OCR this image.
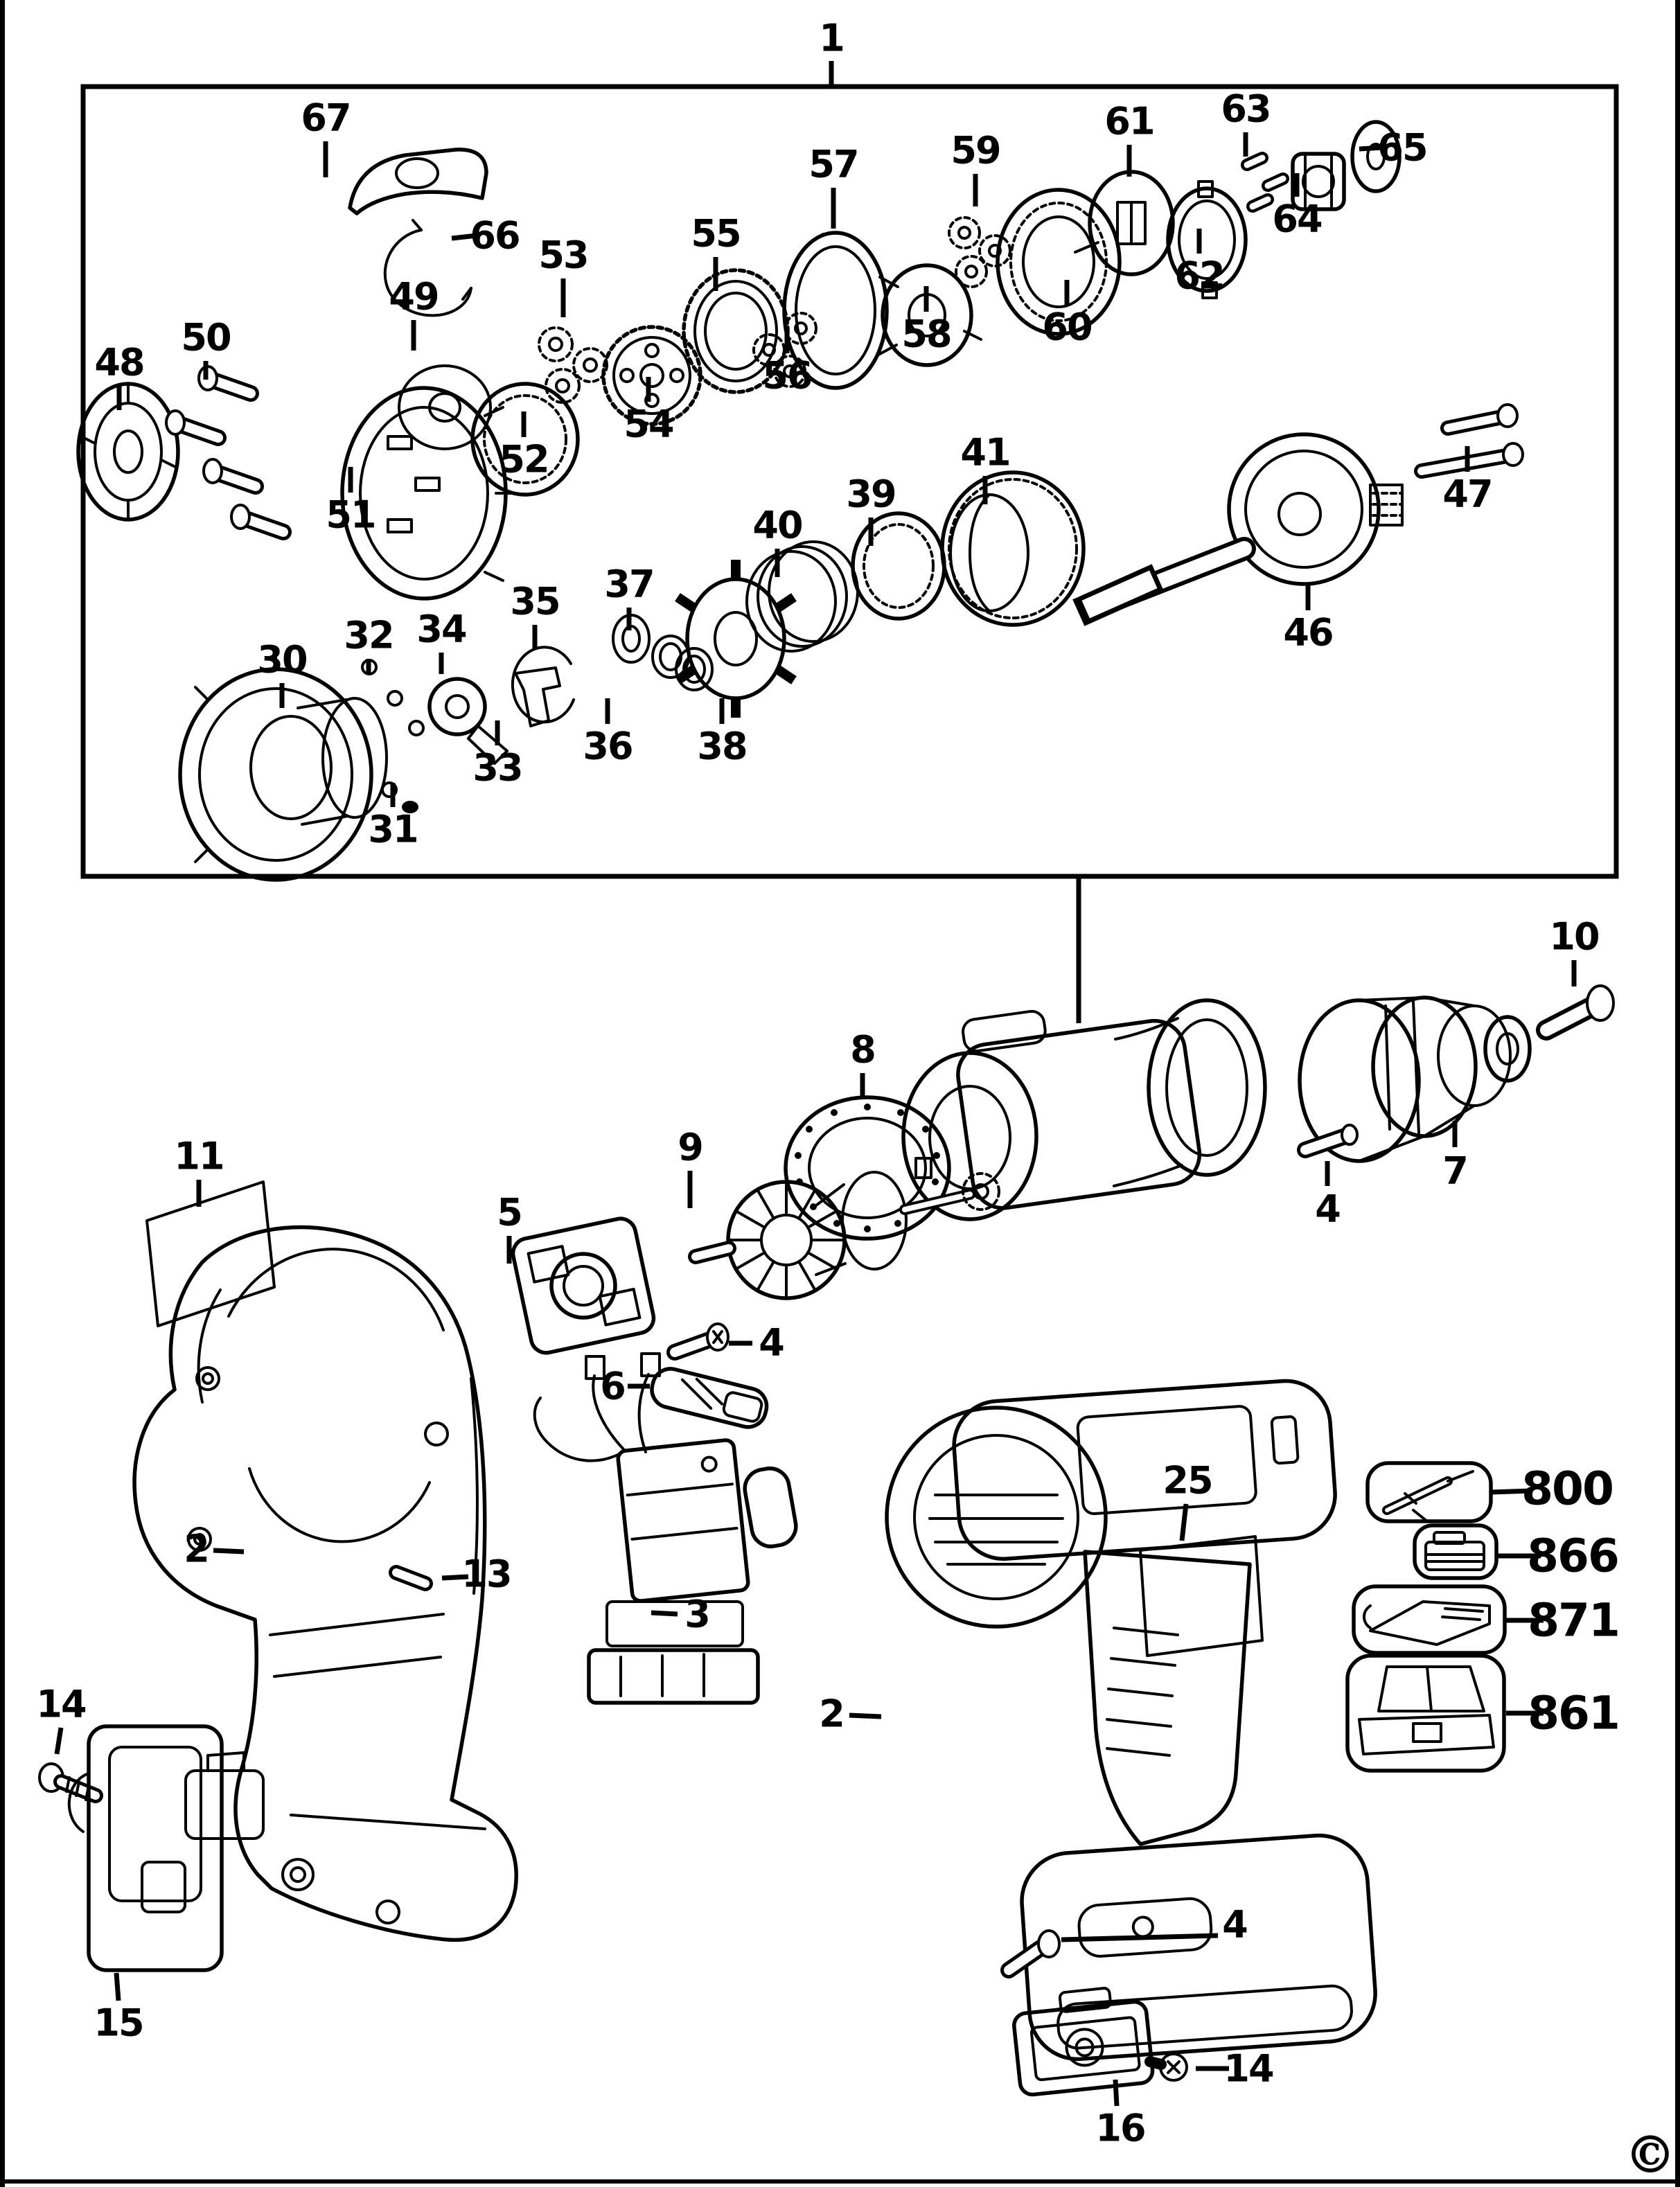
©
1
67
66 53	55
57 59
61 63
65
64
62
60
58
56
54
52
51
49
50
48
47
46
41
39
40
37
35
34
32
30
33 36 38
31
10
7
4
8
9
5
11
6
4
2
13
3
14
15
2
25
4
14
16
800
866
871
861
